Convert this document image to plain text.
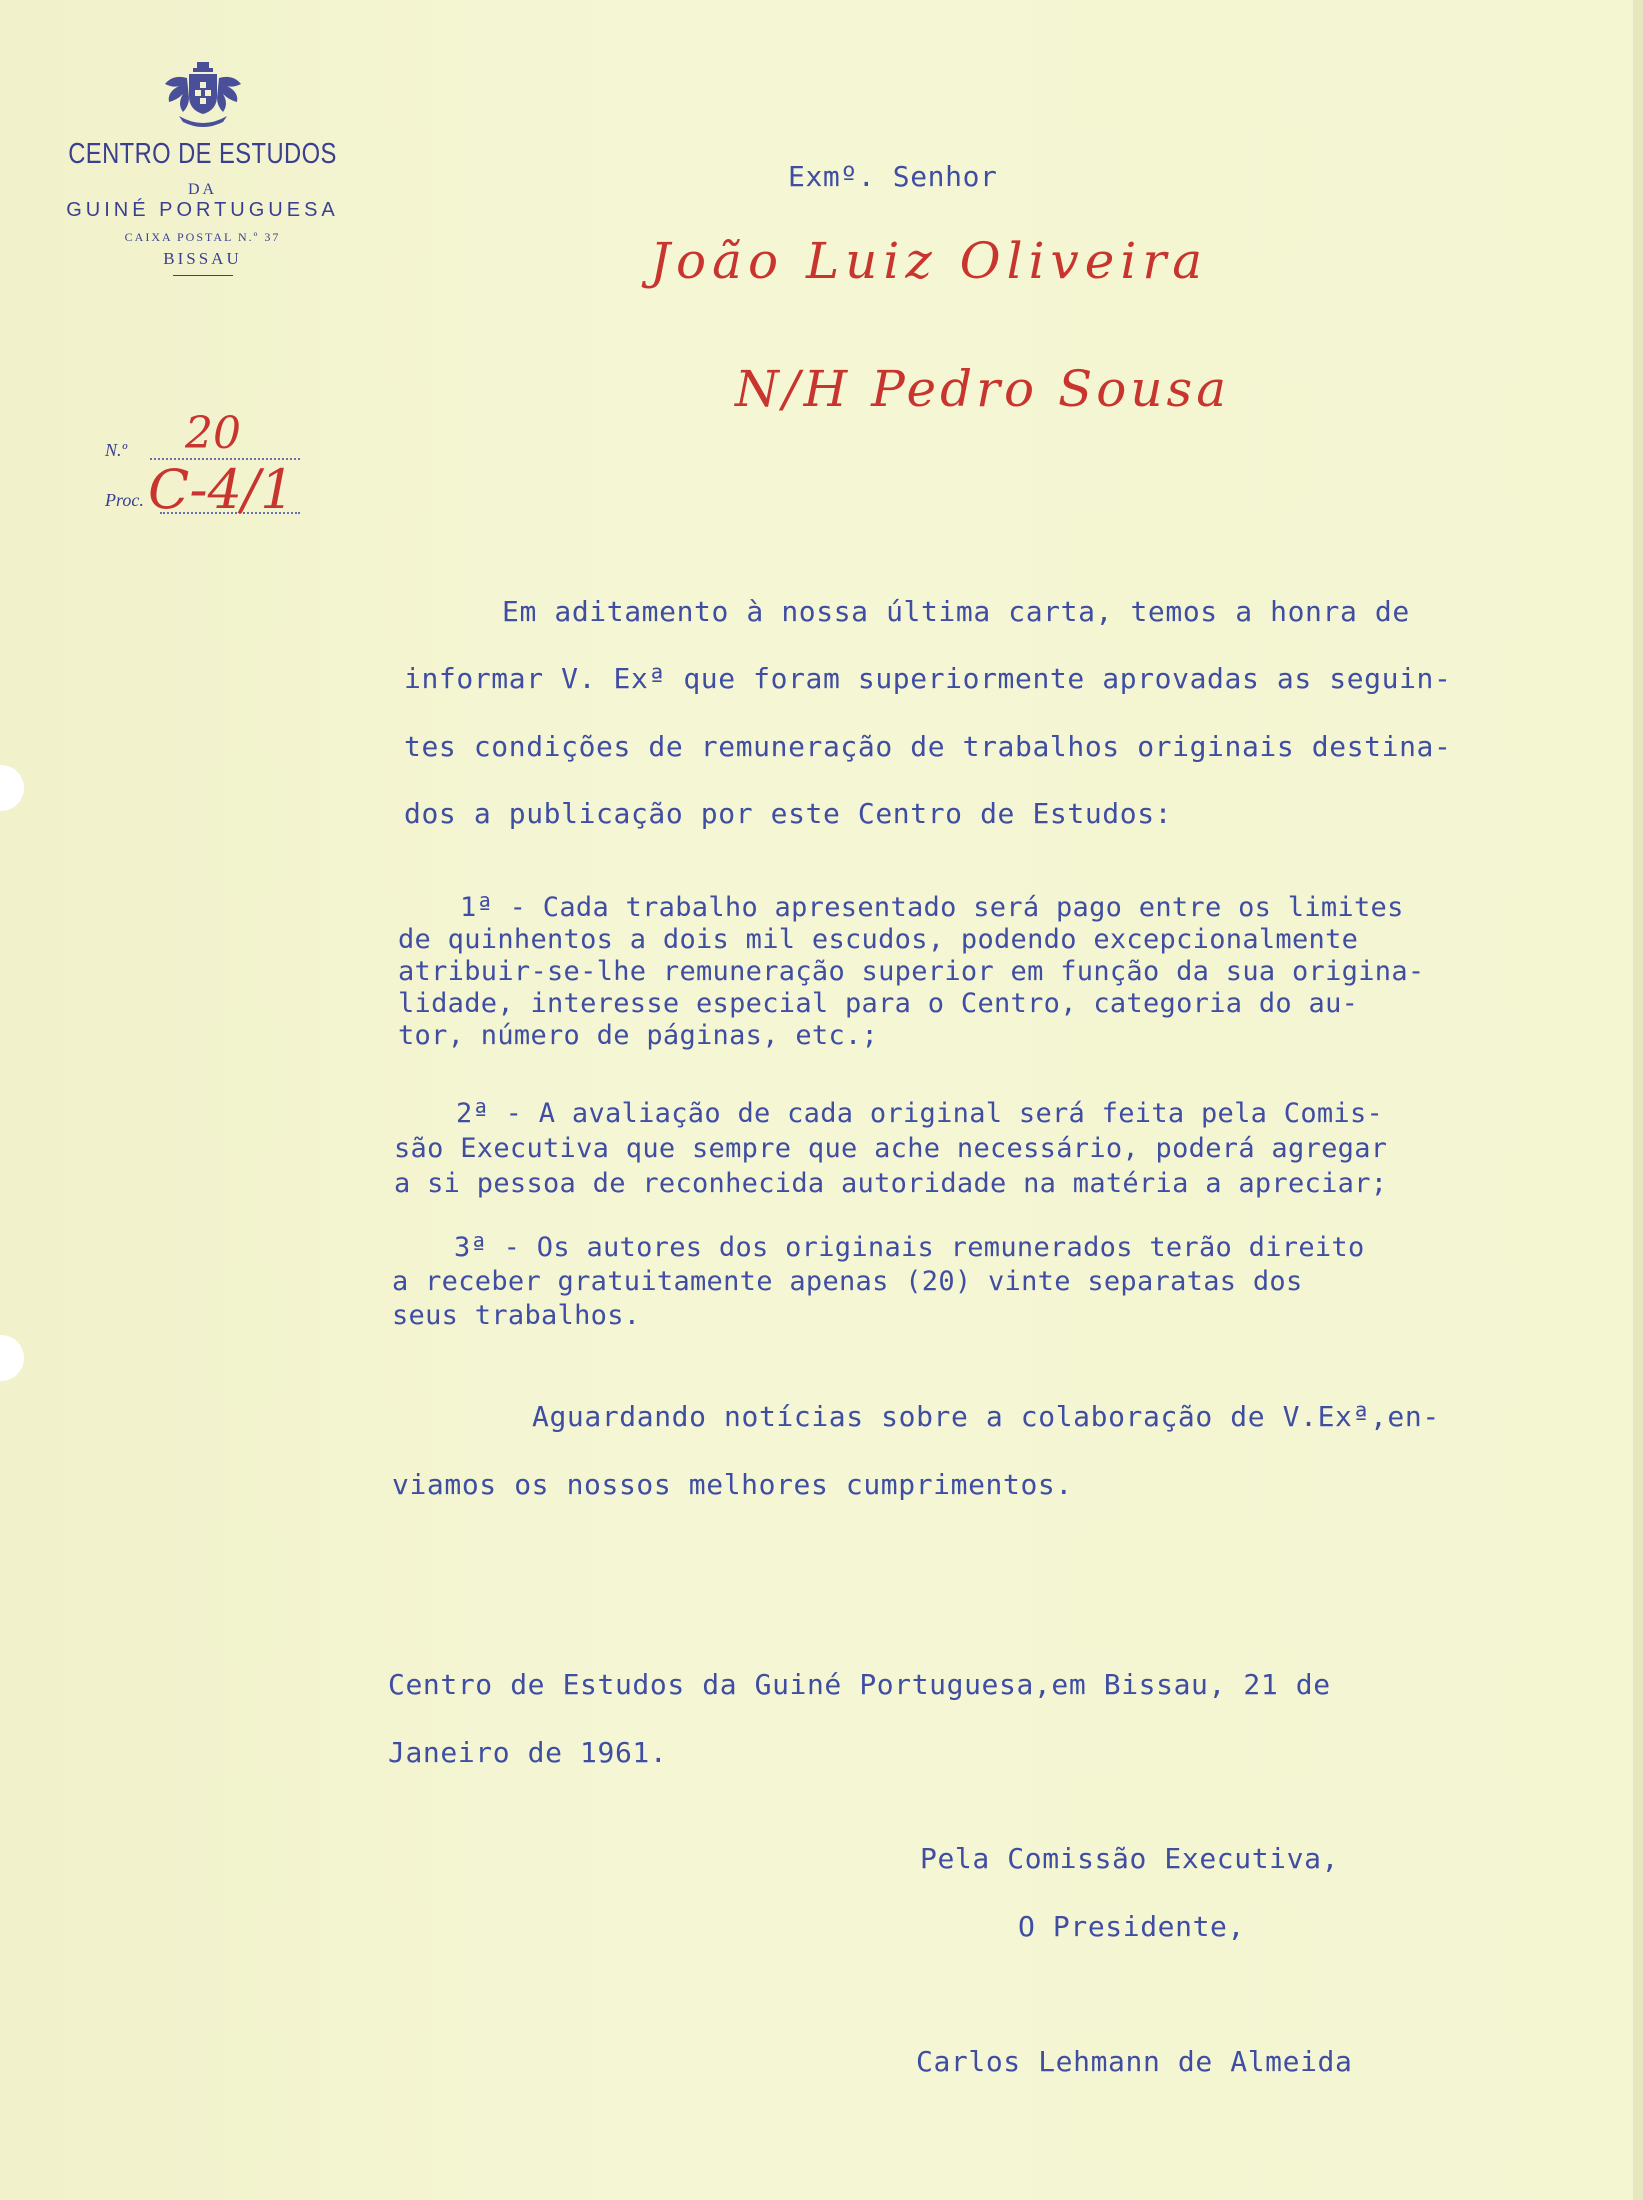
CENTRO DE ESTUDOS
DA
GUINÉ PORTUGUESA
CAIXA POSTAL N.º 37
BISSAU
N.º 20
Proc. C-4/1
Exmº. Senhor
João Luiz Oliveira
N/H Pedro Sousa
Em aditamento à nossa última carta, temos a honra de
informar V. Exª que foram superiormente aprovadas as seguin-
tes condições de remuneração de trabalhos originais destina-
dos a publicação por este Centro de Estudos:
1ª - Cada trabalho apresentado será pago entre os limites
de quinhentos a dois mil escudos, podendo excepcionalmente
atribuir-se-lhe remuneração superior em função da sua origina-
lidade, interesse especial para o Centro, categoria do au-
tor, número de páginas, etc.;
2ª - A avaliação de cada original será feita pela Comis-
são Executiva que sempre que ache necessário, poderá agregar
a si pessoa de reconhecida autoridade na matéria a apreciar;
3ª - Os autores dos originais remunerados terão direito
a receber gratuitamente apenas (20) vinte separatas dos
seus trabalhos.
Aguardando notícias sobre a colaboração de V.Exª,en-
viamos os nossos melhores cumprimentos.
Centro de Estudos da Guiné Portuguesa,em Bissau, 21 de
Janeiro de 1961.
Pela Comissão Executiva,
O Presidente,
Carlos Lehmann de Almeida
